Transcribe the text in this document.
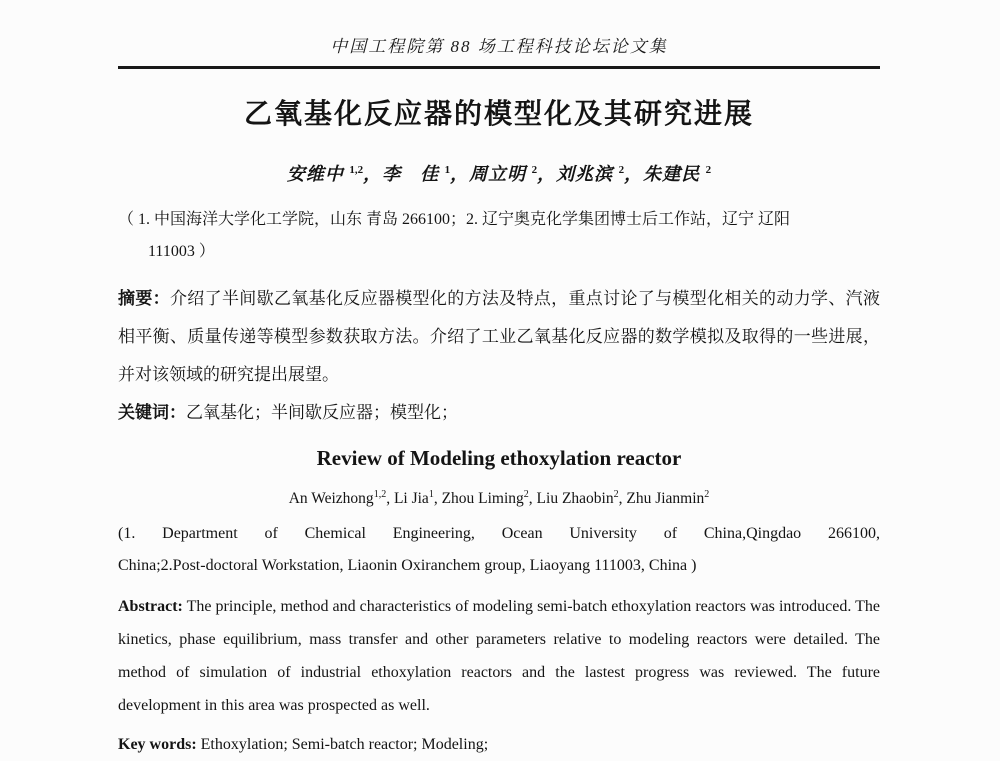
中国工程院第 88 场工程科技论坛论文集
乙氧基化反应器的模型化及其研究进展
安维中 $^{1,2}$，李　佳 $^1$，周立明 $^2$，刘兆滨 $^2$，朱建民 $^2$
（ 1. 中国海洋大学化工学院，山东 青岛 266100；2. 辽宁奥克化学集团博士后工作站，辽宁 辽阳
111003 ）

摘要：介绍了半间歇乙氧基化反应器模型化的方法及特点，重点讨论了与模型化相关的动力学、汽液相平衡、质量传递等模型参数获取方法。介绍了工业乙氧基化反应器的数学模拟及取得的一些进展，并对该领域的研究提出展望。

关键词：乙氧基化；半间歇反应器；模型化；

Review of Modeling ethoxylation reactor
An Weizhong$^{1,2}$, Li Jia$^1$, Zhou Liming$^2$, Liu Zhaobin$^2$, Zhu Jianmin$^2$
(1. Department of Chemical Engineering, Ocean University of China,Qingdao 266100,
China;2.Post-doctoral Workstation, Liaonin Oxiranchem group, Liaoyang 111003, China )

Abstract: The principle, method and characteristics of modeling semi-batch ethoxylation reactors was introduced. The kinetics, phase equilibrium, mass transfer and other parameters relative to modeling reactors were detailed. The method of simulation of industrial ethoxylation reactors and the lastest progress was reviewed. The future development in this area was prospected as well.

Key words: Ethoxylation; Semi-batch reactor; Modeling;
